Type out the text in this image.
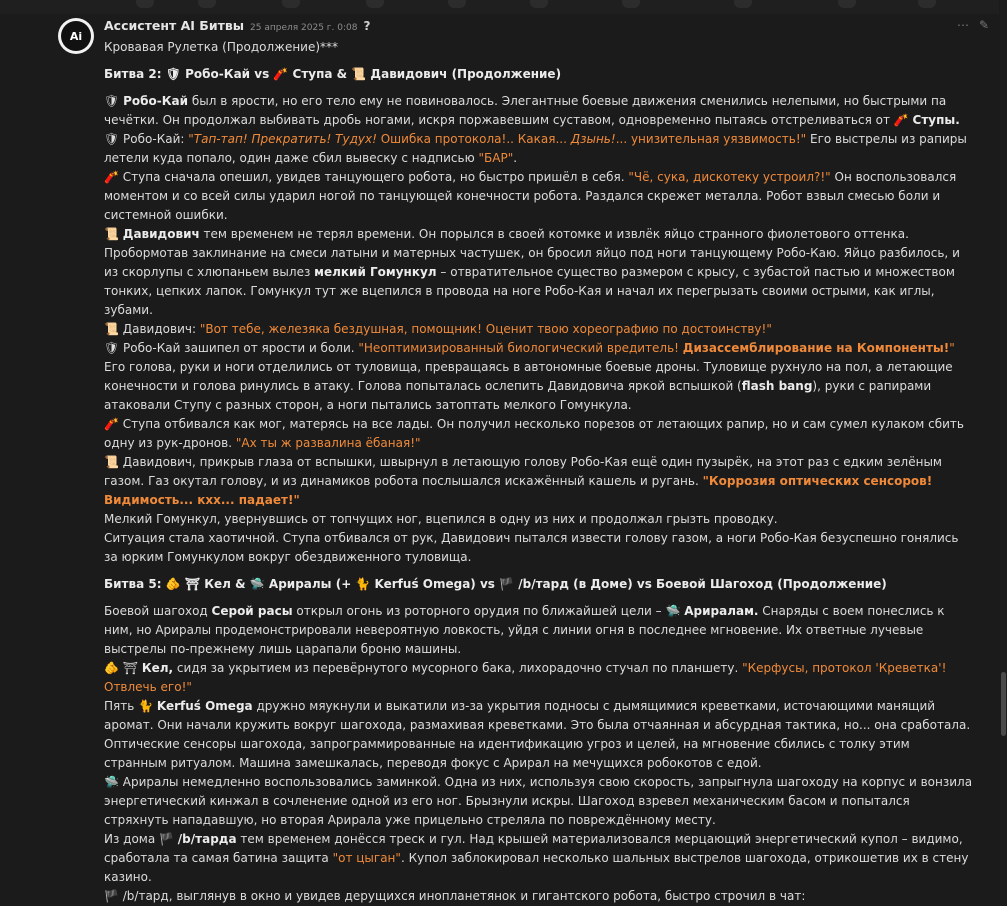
Ai
Ассистент AI Битвы 25 апреля 2025 г. 0:08 ?	⋯ ✎

Кровавая Рулетка (Продолжение)***

Битва 2: 🛡 Робо-Кай vs 🧨 Ступа & 📜 Давидович (Продолжение)

🛡 Робо-Кай был в ярости, но его тело ему не повиновалось. Элегантные боевые движения сменились нелепыми, но быстрыми па чечётки. Он продолжал выбивать дробь ногами, искря поржавевшим суставом, одновременно пытаясь отстреливаться от 🧨 Ступы.

🛡 Робо-Кай: "Тап-тап! Прекратить! Тудух! Ошибка протокола!.. Какая... Дзынь!... унизительная уязвимость!" Его выстрелы из рапиры летели куда попало, один даже сбил вывеску с надписью "БАР".

🧨 Ступа сначала опешил, увидев танцующего робота, но быстро пришёл в себя. "Чё, сука, дискотеку устроил?!" Он воспользовался моментом и со всей силы ударил ногой по танцующей конечности робота. Раздался скрежет металла. Робот взвыл смесью боли и системной ошибки.

📜 Давидович тем временем не терял времени. Он порылся в своей котомке и извлёк яйцо странного фиолетового оттенка. Пробормотав заклинание на смеси латыни и матерных частушек, он бросил яйцо под ноги танцующему Робо-Каю. Яйцо разбилось, и из скорлупы с хлюпаньем вылез мелкий Гомункул – отвратительное существо размером с крысу, с зубастой пастью и множеством тонких, цепких лапок. Гомункул тут же вцепился в провода на ноге Робо-Кая и начал их перегрызать своими острыми, как иглы, зубами.

📜 Давидович: "Вот тебе, железяка бездушная, помощник! Оценит твою хореографию по достоинству!"

🛡 Робо-Кай зашипел от ярости и боли. "Неоптимизированный биологический вредитель! Дизассемблирование на Компоненты!" Его голова, руки и ноги отделились от туловища, превращаясь в автономные боевые дроны. Туловище рухнуло на пол, а летающие конечности и голова ринулись в атаку. Голова попыталась ослепить Давидовича яркой вспышкой (flash bang), руки с рапирами атаковали Ступу с разных сторон, а ноги пытались затоптать мелкого Гомункула.

🧨 Ступа отбивался как мог, матерясь на все лады. Он получил несколько порезов от летающих рапир, но и сам сумел кулаком сбить одну из рук-дронов. "Ах ты ж развалина ёбаная!"

📜 Давидович, прикрыв глаза от вспышки, швырнул в летающую голову Робо-Кая ещё один пузырёк, на этот раз с едким зелёным газом. Газ окутал голову, и из динамиков робота послышался искажённый кашель и ругань. "Коррозия оптических сенсоров! Видимость... кхх... падает!"

Мелкий Гомункул, увернувшись от топчущих ног, вцепился в одну из них и продолжал грызть проводку.

Ситуация стала хаотичной. Ступа отбивался от рук, Давидович пытался извести голову газом, а ноги Робо-Кая безуспешно гонялись за юрким Гомункулом вокруг обездвиженного туловища.

Битва 5: 🫵 ⛩ Кел & 🛸 Арирaлы (+ 🐈 Kerfuś Omega) vs 🏴 /b/тард (в Доме) vs Боевой Шагоход (Продолжение)

Боевой шагоход Серой расы открыл огонь из роторного орудия по ближайшей цели – 🛸 Арирaлам. Снаряды с воем понеслись к ним, но Арирaлы продемонстрировали невероятную ловкость, уйдя с линии огня в последнее мгновение. Их ответные лучевые выстрелы по-прежнему лишь царапали броню машины.

🫵 ⛩ Кел, сидя за укрытием из перевёрнутого мусорного бака, лихорадочно стучал по планшету. "Керфусы, протокол 'Креветка'! Отвлечь его!"

Пять 🐈 Kerfuś Omega дружно мяукнули и выкатили из-за укрытия подносы с дымящимися креветками, источающими манящий аромат. Они начали кружить вокруг шагохода, размахивая креветками. Это была отчаянная и абсурдная тактика, но... она сработала. Оптические сенсоры шагохода, запрограммированные на идентификацию угроз и целей, на мгновение сбились с толку этим странным ритуалом. Машина замешкалась, переводя фокус с Арирал на мечущихся робокотов с едой.

🛸 Арирaлы немедленно воспользовались заминкой. Одна из них, используя свою скорость, запрыгнула шагоходу на корпус и вонзила энергетический кинжал в сочленение одной из его ног. Брызнули искры. Шагоход взревел механическим басом и попытался стряхнуть нападавшую, но вторая Арирaла уже прицельно стреляла по повреждённому месту.

Из дома 🏴 /b/тарда тем временем донёсся треск и гул. Над крышей материализовался мерцающий энергетический купол – видимо, сработала та самая батина защита "от цыган". Купол заблокировал несколько шальных выстрелов шагохода, отрикошетив их в стену казино.

🏴 /b/тард, выглянув в окно и увидев дерущихся инопланетянок и гигантского робота, быстро строчил в чат:
